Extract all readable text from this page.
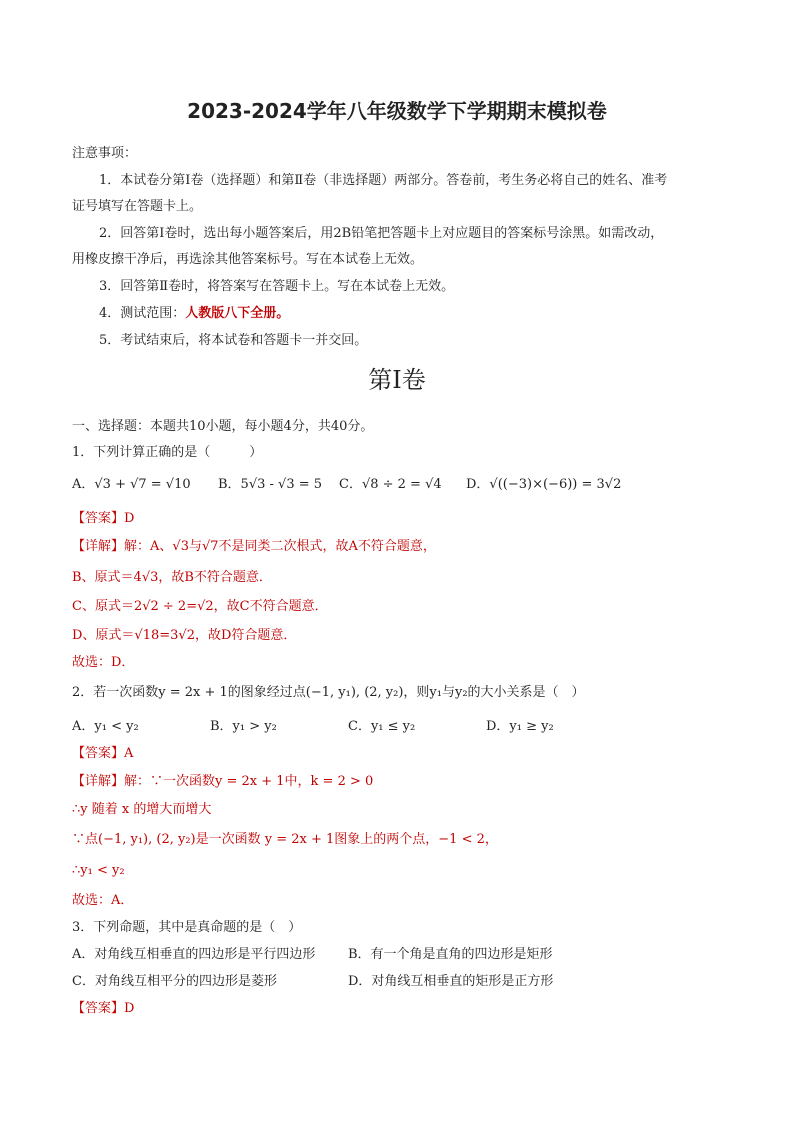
2023-2024学年八年级数学下学期期末模拟卷
注意事项：
1．本试卷分第Ⅰ卷（选择题）和第Ⅱ卷（非选择题）两部分。答卷前，考生务必将自己的姓名、准考
证号填写在答题卡上。
2．回答第Ⅰ卷时，选出每小题答案后，用2B铅笔把答题卡上对应题目的答案标号涂黑。如需改动，
用橡皮擦干净后，再选涂其他答案标号。写在本试卷上无效。
3．回答第Ⅱ卷时，将答案写在答题卡上。写在本试卷上无效。
4．测试范围：人教版八下全册。
5．考试结束后，将本试卷和答题卡一并交回。
第Ⅰ卷
一、选择题：本题共10小题，每小题4分，共40分。
1．下列计算正确的是（　　　）
A．√3 + √7 = √10 B．5√3 - √3 = 5 C．√8 ÷ 2 = √4 D．√((−3)×(−6)) = 3√2
【答案】D
【详解】解：A、√3与√7不是同类二次根式，故A不符合题意，
B、原式＝4√3，故B不符合题意．
C、原式＝2√2 ÷ 2=√2，故C不符合题意．
D、原式＝√18=3√2，故D符合题意．
故选：D．
2．若一次函数y = 2x + 1的图象经过点(−1, y₁), (2, y₂)，则y₁与y₂的大小关系是（　）
A．y₁ < y₂	B．y₁ > y₂	C．y₁ ≤ y₂	D．y₁ ≥ y₂
【答案】A
【详解】解：∵一次函数y = 2x + 1中，k = 2 > 0
∴y 随着 x 的增大而增大
∵点(−1, y₁), (2, y₂)是一次函数 y = 2x + 1图象上的两个点，−1 < 2，
∴y₁ < y₂
故选：A．
3．下列命题，其中是真命题的是（　）
A．对角线互相垂直的四边形是平行四边形	B．有一个角是直角的四边形是矩形
C．对角线互相平分的四边形是菱形	D．对角线互相垂直的矩形是正方形
【答案】D
